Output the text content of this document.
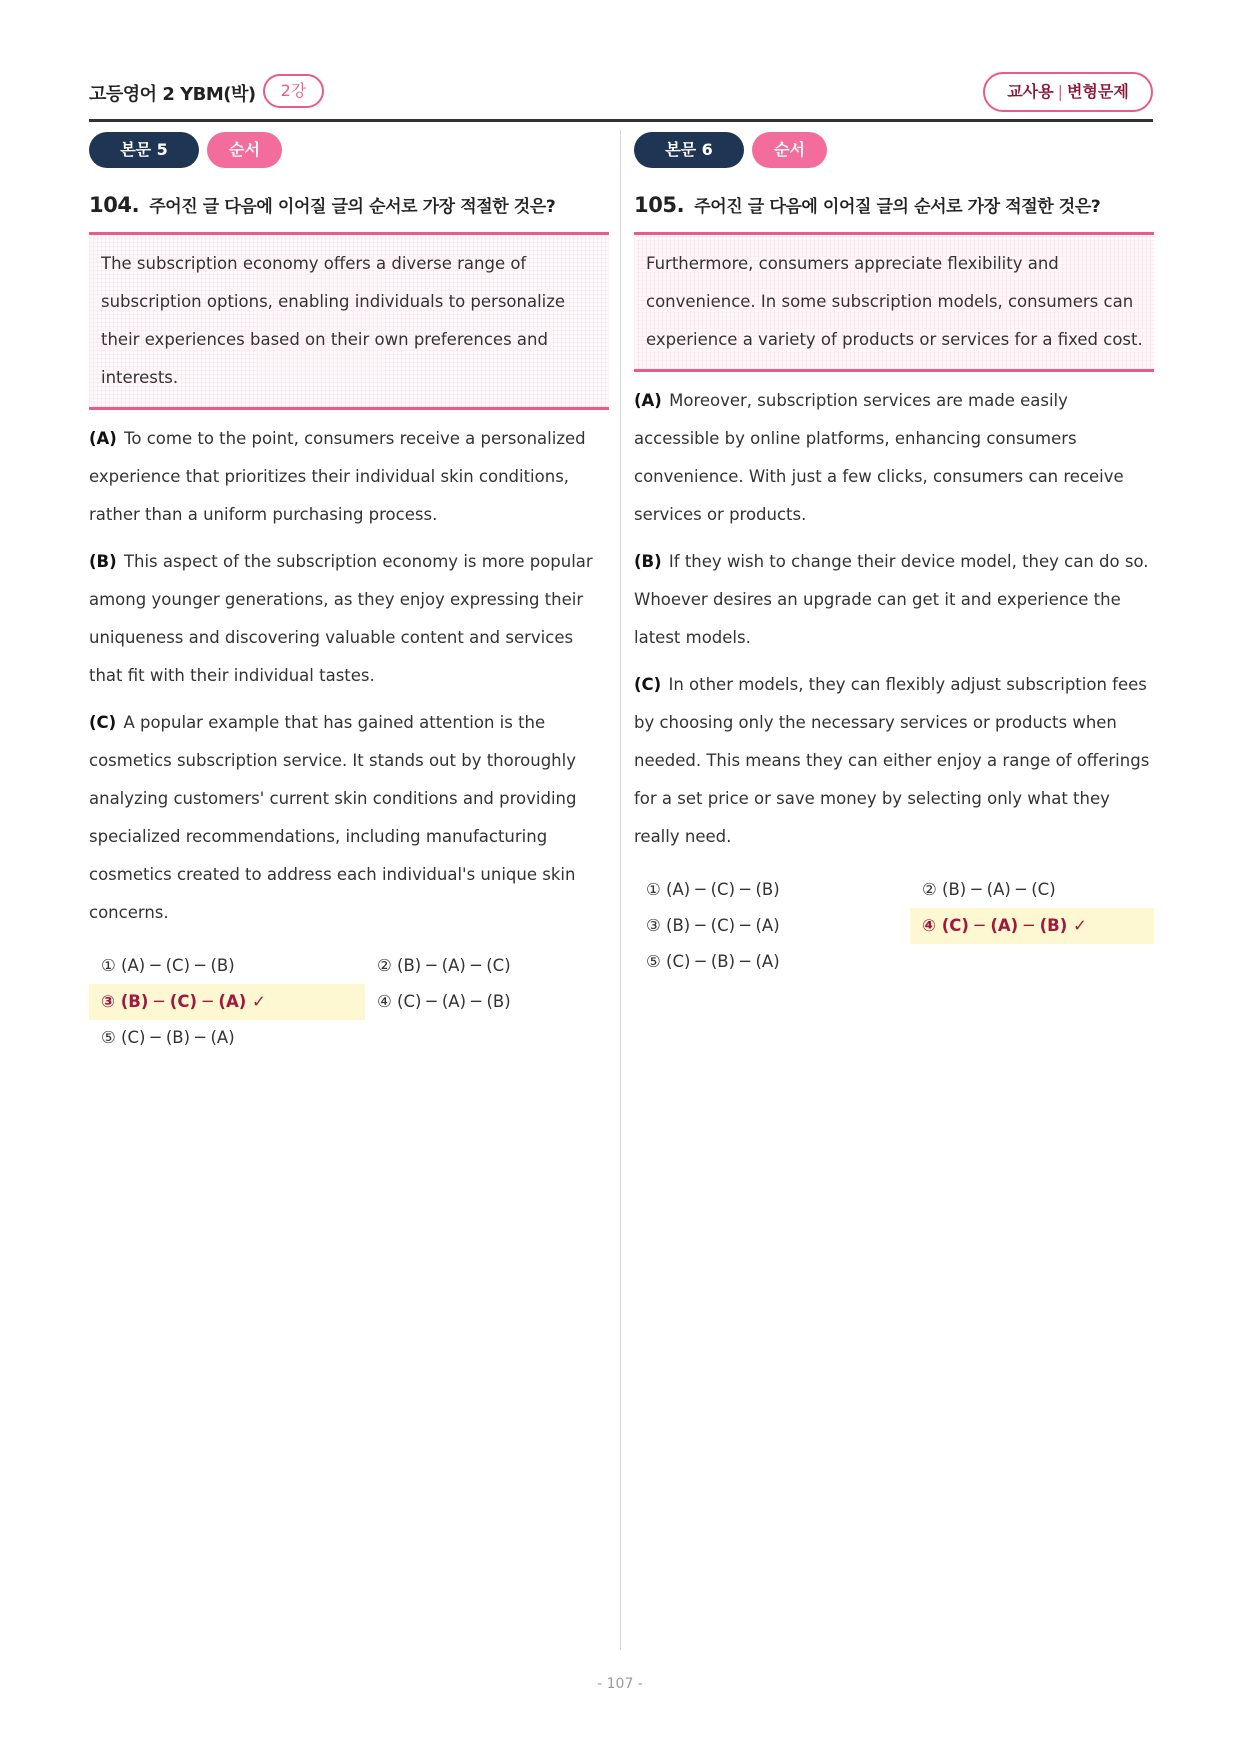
고등영어 2 YBM(박)	2강	교사용 | 변형문제
본문 5	순서
104. 주어진 글 다음에 이어질 글의 순서로 가장 적절한 것은?
The subscription economy offers a diverse range of subscription options, enabling individuals to personalize their experiences based on their own preferences and interests.

(A) To come to the point, consumers receive a personalized experience that prioritizes their individual skin conditions, rather than a uniform purchasing process.

(B) This aspect of the subscription economy is more popular among younger generations, as they enjoy expressing their uniqueness and discovering valuable content and services that fit with their individual tastes.

(C) A popular example that has gained attention is the cosmetics subscription service. It stands out by thoroughly analyzing customers' current skin conditions and providing specialized recommendations, including manufacturing cosmetics created to address each individual's unique skin concerns.

① (A) ─ (C) ─ (B)	② (B) ─ (A) ─ (C)
③ (B) ─ (C) ─ (A) ✓	④ (C) ─ (A) ─ (B)
⑤ (C) ─ (B) ─ (A)
본문 6	순서
105. 주어진 글 다음에 이어질 글의 순서로 가장 적절한 것은?
Furthermore, consumers appreciate flexibility and convenience. In some subscription models, consumers can experience a variety of products or services for a fixed cost.

(A) Moreover, subscription services are made easily accessible by online platforms, enhancing consumers convenience. With just a few clicks, consumers can receive services or products.

(B) If they wish to change their device model, they can do so. Whoever desires an upgrade can get it and experience the latest models.

(C) In other models, they can flexibly adjust subscription fees by choosing only the necessary services or products when needed. This means they can either enjoy a range of offerings for a set price or save money by selecting only what they really need.

① (A) ─ (C) ─ (B)	② (B) ─ (A) ─ (C)
③ (B) ─ (C) ─ (A)	④ (C) ─ (A) ─ (B) ✓
⑤ (C) ─ (B) ─ (A)
- 107 -
